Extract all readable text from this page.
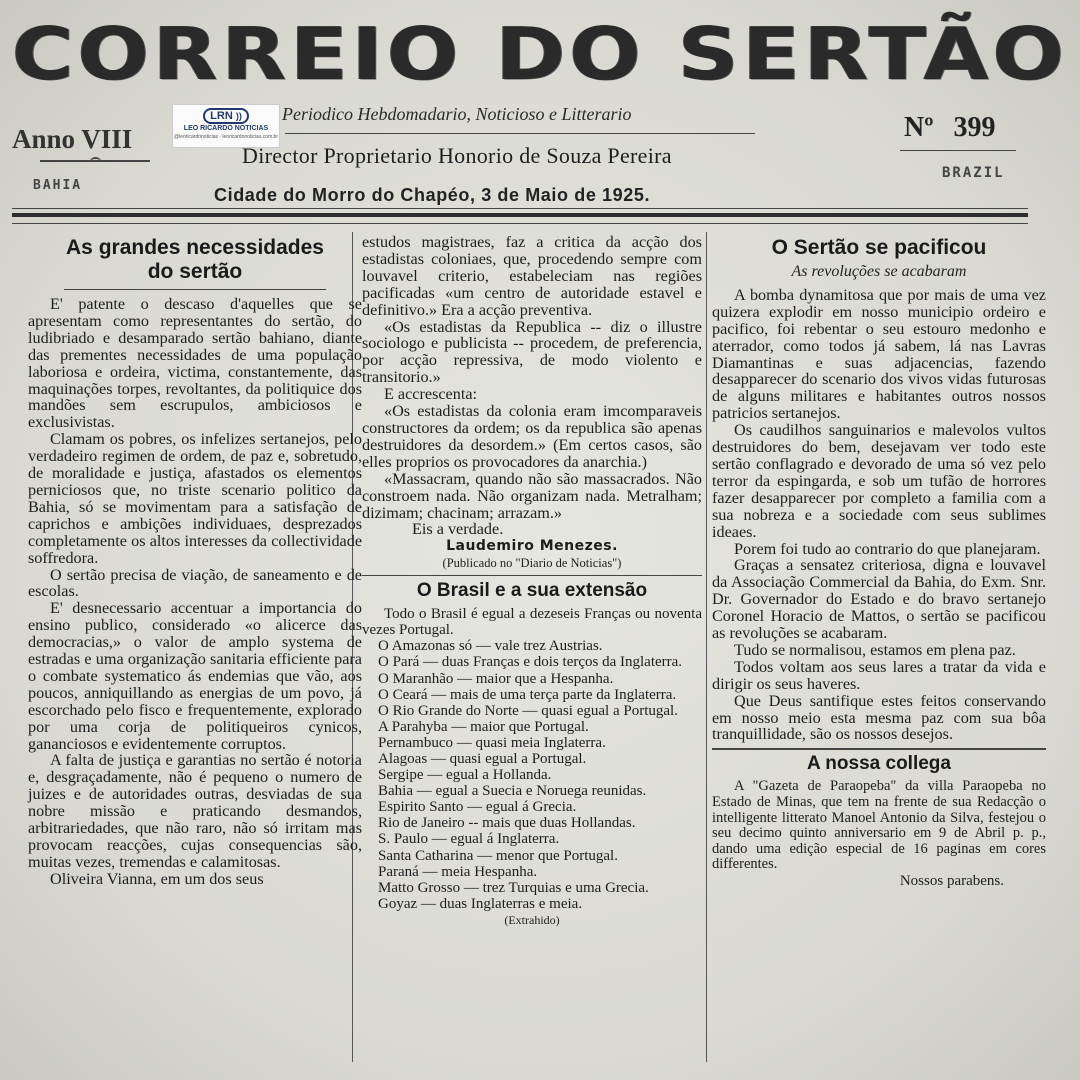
CORREIO DO SERTÃO
Anno VIII
BAHIA
LRN ))
LEO RICARDO NOTICIAS
@leoricardonoticias · leoricardonoticias.com.br
Periodico Hebdomadario, Noticioso e Litterario
Director Proprietario Honorio de Souza Pereira
Nº 399
BRAZIL
Cidade do Morro do Chapéo, 3 de Maio de 1925.
As grandes necessidades
do sertão

E' patente o descaso d'aquelles que se apresentam como representantes do sertão, do ludibriado e desamparado sertão bahiano, diante das prementes necessidades de uma população laboriosa e ordeira, victima, constantemente, das maquinações torpes, revoltantes, da politiquice dos mandões sem escrupulos, ambiciosos e exclusivistas.

Clamam os pobres, os infelizes sertanejos, pelo verdadeiro regimen de ordem, de paz e, sobretudo, de moralidade e justiça, afastados os elementos perniciosos que, no triste scenario politico da Bahia, só se movimentam para a satisfação de caprichos e ambições individuaes, desprezados completamente os altos interesses da collectividade soffredora.

O sertão precisa de viação, de saneamento e de escolas.

E' desnecessario accentuar a importancia do ensino publico, considerado «o alicerce das democracias,» o valor de amplo systema de estradas e uma organização sanitaria efficiente para o combate systematico ás endemias que vão, aos poucos, anniquillando as energias de um povo, já escorchado pelo fisco e frequentemente, explorado por uma corja de politiqueiros cynicos, gananciosos e evidentemente corruptos.

A falta de justiça e garantias no sertão é notoria e, desgraçadamente, não é pequeno o numero de juizes e de autoridades outras, desviadas de sua nobre missão e praticando desmandos, arbitrariedades, que não raro, não só irritam mas provocam reacções, cujas consequencias são, muitas vezes, tremendas e calamitosas.

Oliveira Vianna, em um dos seus

estudos magistraes, faz a critica da acção dos estadistas coloniaes, que, procedendo sempre com louvavel criterio, estabeleciam nas regiões pacificadas «um centro de autoridade estavel e definitivo.» Era a acção preventiva.

«Os estadistas da Republica -- diz o illustre sociologo e publicista -- procedem, de preferencia, por acção repressiva, de modo violento e transitorio.»

E accrescenta:

«Os estadistas da colonia eram imcomparaveis constructores da ordem; os da republica são apenas destruidores da desordem.» (Em certos casos, são elles proprios os provocadores da anarchia.)

«Massacram, quando não são massacrados. Não constroem nada. Não organizam nada. Metralham; dizimam; chacinam; arrazam.»

Eis a verdade.

Laudemiro Menezes.
(Publicado no "Diario de Noticias")
O Brasil e a sua extensão

Todo o Brasil é egual a dezeseis Franças ou noventa vezes Portugal.

O Amazonas só — vale trez Austrias.

O Pará — duas Franças e dois terços da Inglaterra.

O Maranhão — maior que a Hespanha.

O Ceará — mais de uma terça parte da Inglaterra.

O Rio Grande do Norte — quasi egual a Portugal.

A Parahyba — maior que Portugal.

Pernambuco — quasi meia Inglaterra.

Alagoas — quasi egual a Portugal.

Sergipe — egual a Hollanda.

Bahia — egual a Suecia e Noruega reunidas.

Espirito Santo — egual á Grecia.

Rio de Janeiro -- mais que duas Hollandas.

S. Paulo — egual á Inglaterra.

Santa Catharina — menor que Portugal.

Paraná — meia Hespanha.

Matto Grosso — trez Turquias e uma Grecia.

Goyaz — duas Inglaterras e meia.

(Extrahido)
O Sertão se pacificou
As revoluções se acabaram

A bomba dynamitosa que por mais de uma vez quizera explodir em nosso municipio ordeiro e pacifico, foi rebentar o seu estouro medonho e aterrador, como todos já sabem, lá nas Lavras Diamantinas e suas adjacencias, fazendo desapparecer do scenario dos vivos vidas futurosas de alguns militares e habitantes outros nossos patricios sertanejos.

Os caudilhos sanguinarios e malevolos vultos destruidores do bem, desejavam ver todo este sertão conflagrado e devorado de uma só vez pelo terror da espingarda, e sob um tufão de horrores fazer desapparecer por completo a familia com a sua nobreza e a sociedade com seus sublimes ideaes.

Porem foi tudo ao contrario do que planejaram.

Graças a sensatez criteriosa, digna e louvavel da Associação Commercial da Bahia, do Exm. Snr. Dr. Governador do Estado e do bravo sertanejo Coronel Horacio de Mattos, o sertão se pacificou as revoluções se acabaram.

Tudo se normalisou, estamos em plena paz.

Todos voltam aos seus lares a tratar da vida e dirigir os seus haveres.

Que Deus santifique estes feitos conservando em nosso meio esta mesma paz com sua bôa tranquillidade, são os nossos desejos.

A nossa collega

A "Gazeta de Paraopeba" da villa Paraopeba no Estado de Minas, que tem na frente de sua Redacção o intelligente litterato Manoel Antonio da Silva, festejou o seu decimo quinto anniversario em 9 de Abril p. p., dando uma edição especial de 16 paginas em cores differentes.

Nossos parabens.
